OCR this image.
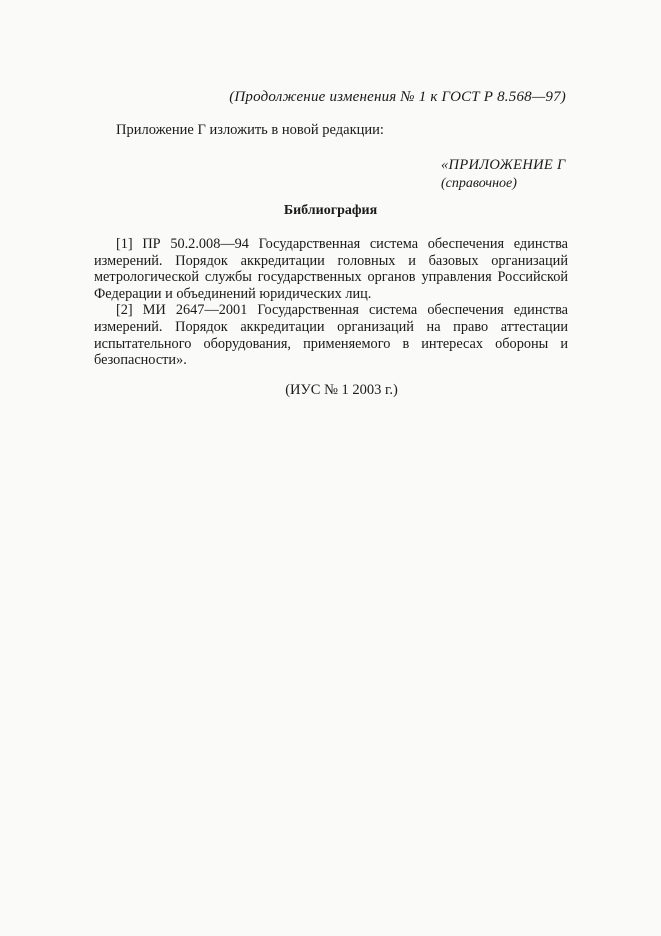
(Продолжение изменения № 1 к ГОСТ Р 8.568—97)
Приложение Г изложить в новой редакции:
«ПРИЛОЖЕНИЕ Г
(справочное)
Библиография

[1] ПР 50.2.008—94 Государственная система обеспечения единства измерений. Порядок аккредитации головных и базовых организаций метрологической службы государственных органов управления Российской Федерации и объединений юридических лиц.

[2] МИ 2647—2001 Государственная система обеспечения единства измерений. Порядок аккредитации организаций на право аттестации испытательного оборудования, применяемого в интересах обороны и безопасности».

(ИУС № 1 2003 г.)
